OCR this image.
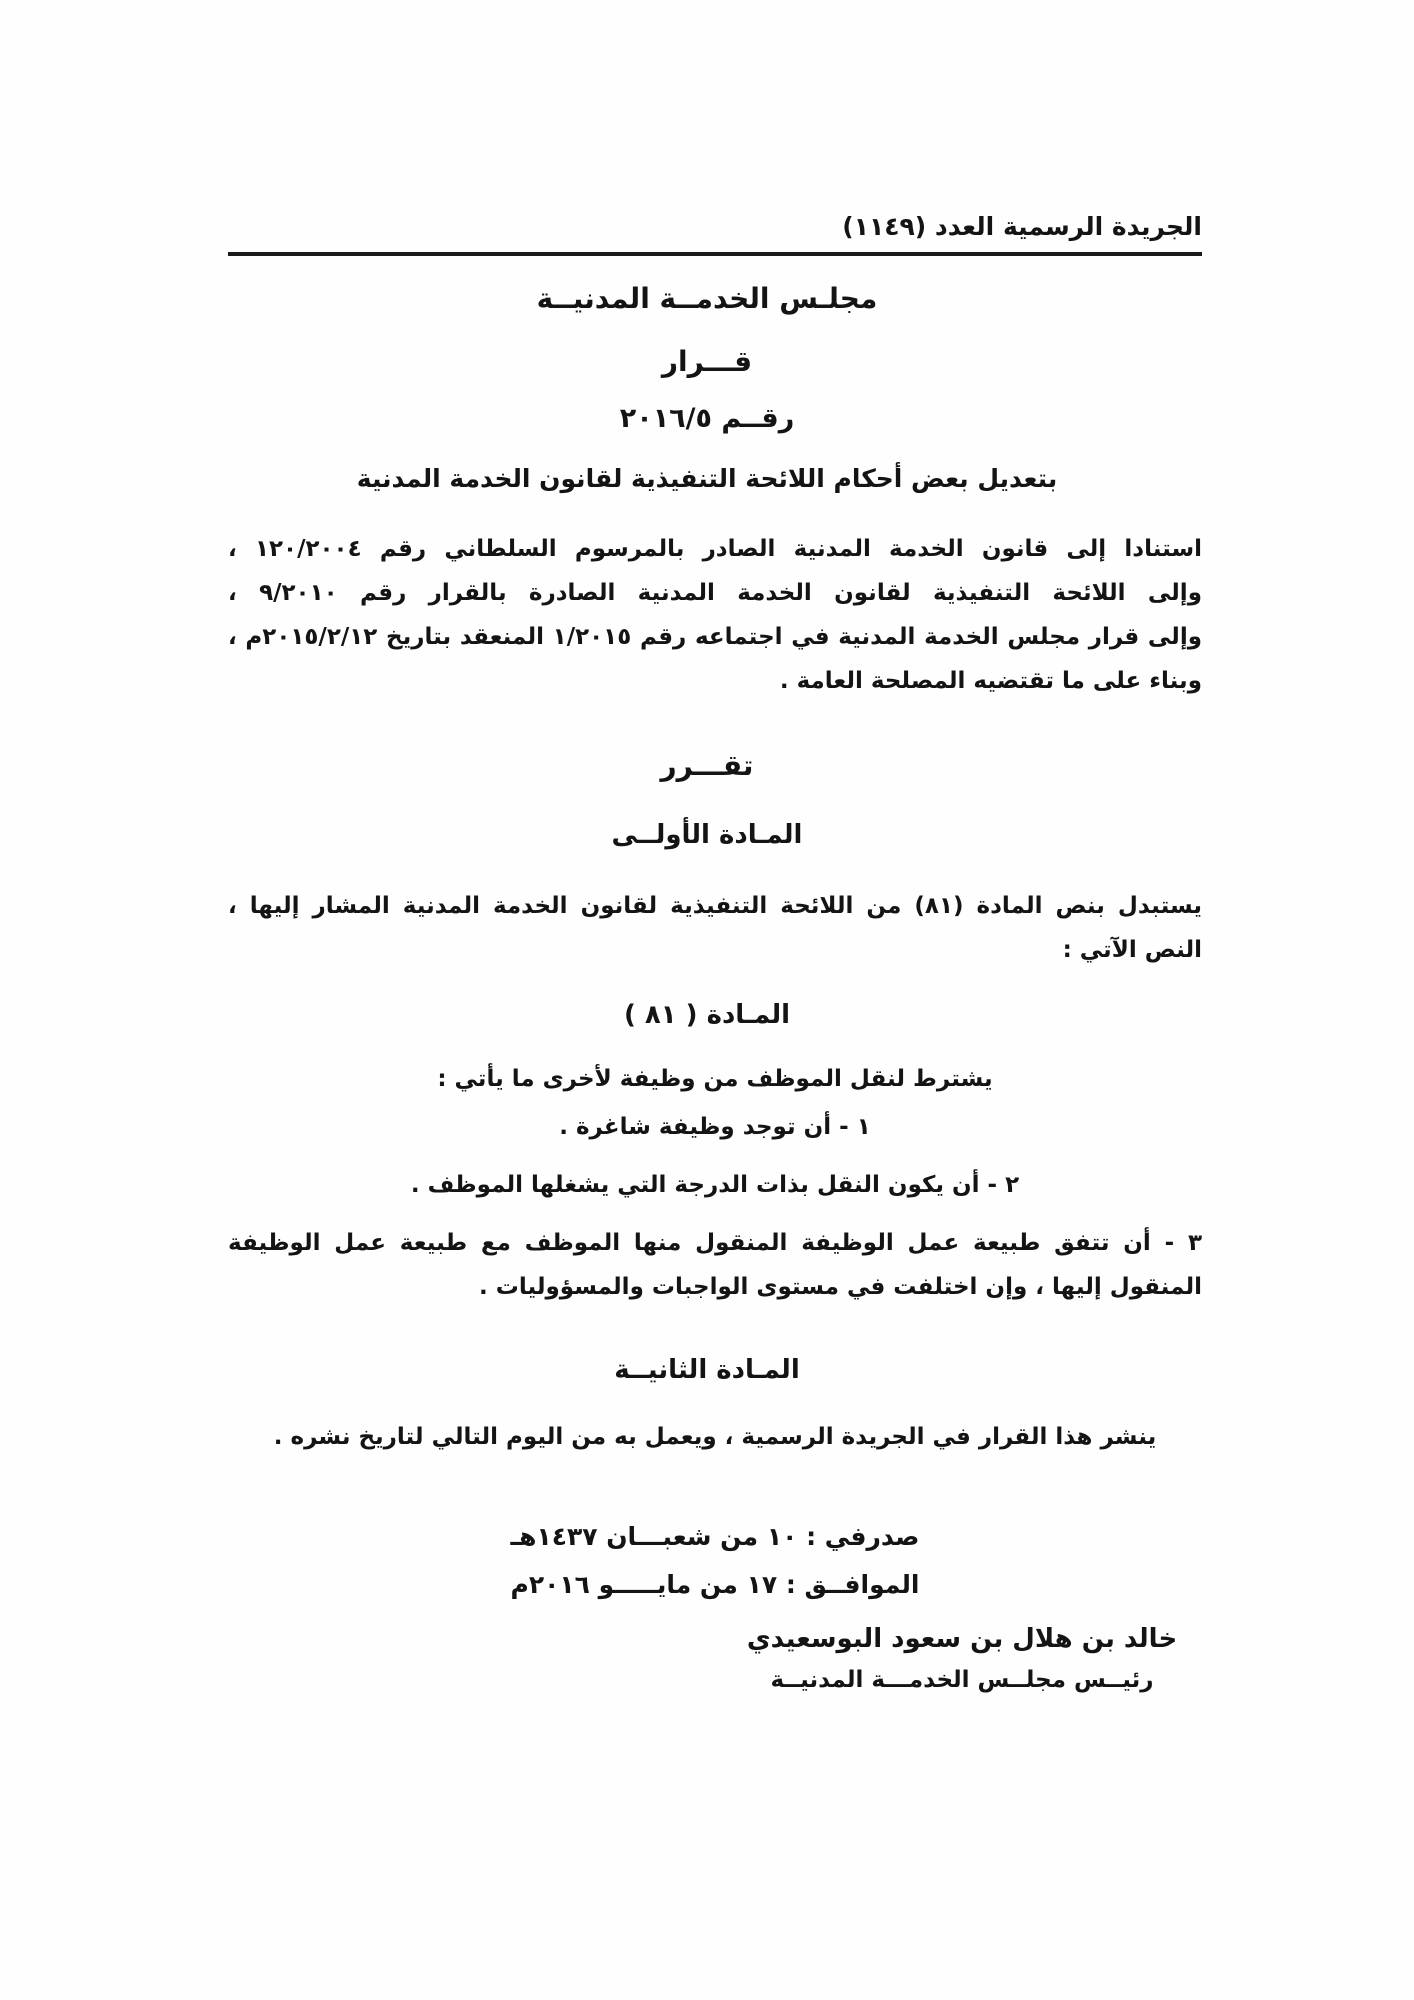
الجريدة الرسمية العدد (١١٤٩)
مجلـس الخدمــة المدنيــة
قـــرار
رقــم ٢٠١٦/٥
بتعديل بعض أحكام اللائحة التنفيذية لقانون الخدمة المدنية

استنادا إلى قانون الخدمة المدنية الصادر بالمرسوم السلطاني رقم ١٢٠/٢٠٠٤ ،

وإلى اللائحة التنفيذية لقانون الخدمة المدنية الصادرة بالقرار رقم ٩/٢٠١٠ ،

وإلى قرار مجلس الخدمة المدنية في اجتماعه رقم ١/٢٠١٥ المنعقد بتاريخ ٢٠١٥/٢/١٢م ،

وبناء على ما تقتضيه المصلحة العامة .

تقـــرر
المـادة الأولــى

يستبدل بنص المادة (٨١) من اللائحة التنفيذية لقانون الخدمة المدنية المشار إليها ،

النص الآتي :

المـادة ( ٨١ )
يشترط لنقل الموظف من وظيفة لأخرى ما يأتي :

١ - أن توجد وظيفة شاغرة .

٢ - أن يكون النقل بذات الدرجة التي يشغلها الموظف .

٣ - أن تتفق طبيعة عمل الوظيفة المنقول منها الموظف مع طبيعة عمل الوظيفة المنقول إليها ، وإن اختلفت في مستوى الواجبات والمسؤوليات .

المـادة الثانيــة

ينشر هذا القرار في الجريدة الرسمية ، ويعمل به من اليوم التالي لتاريخ نشره .

صدرفي : ١٠ من شعبـــان ١٤٣٧هـ
الموافــق : ١٧ من مايـــــو ٢٠١٦م
خالد بن هلال بن سعود البوسعيدي
رئيــس مجلــس الخدمـــة المدنيــة
